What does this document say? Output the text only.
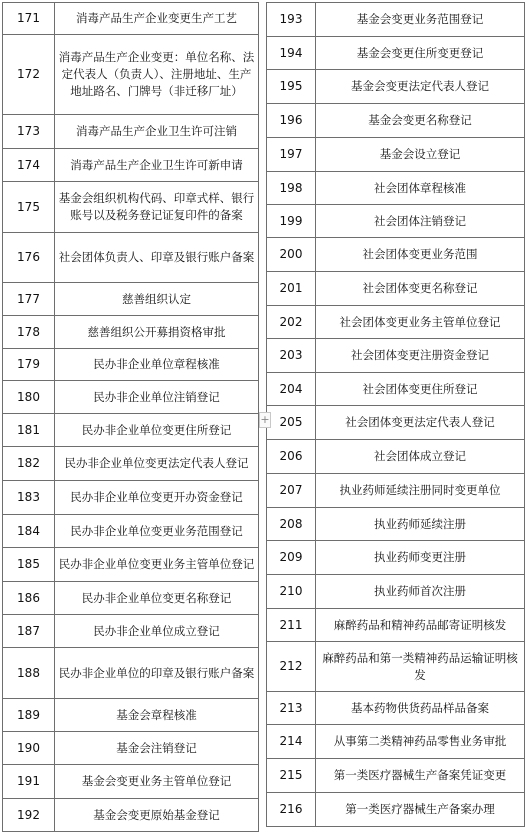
171	消毒产品生产企业变更生产工艺
172	消毒产品生产企业变更：单位名称、法定代表人（负责人）、注册地址、生产地址路名、门牌号（非迁移厂址）
173	消毒产品生产企业卫生许可注销
174	消毒产品生产企业卫生许可新申请
175	基金会组织机构代码、印章式样、银行账号以及税务登记证复印件的备案
176	社会团体负责人、印章及银行账户备案
177	慈善组织认定
178	慈善组织公开募捐资格审批
179	民办非企业单位章程核准
180	民办非企业单位注销登记
181	民办非企业单位变更住所登记
182	民办非企业单位变更法定代表人登记
183	民办非企业单位变更开办资金登记
184	民办非企业单位变更业务范围登记
185	民办非企业单位变更业务主管单位登记
186	民办非企业单位变更名称登记
187	民办非企业单位成立登记
188	民办非企业单位的印章及银行账户备案
189	基金会章程核准
190	基金会注销登记
191	基金会变更业务主管单位登记
192	基金会变更原始基金登记
193	基金会变更业务范围登记
194	基金会变更住所变更登记
195	基金会变更法定代表人登记
196	基金会变更名称登记
197	基金会设立登记
198	社会团体章程核准
199	社会团体注销登记
200	社会团体变更业务范围
201	社会团体变更名称登记
202	社会团体变更业务主管单位登记
203	社会团体变更注册资金登记
204	社会团体变更住所登记
205	社会团体变更法定代表人登记
206	社会团体成立登记
207	执业药师延续注册同时变更单位
208	执业药师延续注册
209	执业药师变更注册
210	执业药师首次注册
211	麻醉药品和精神药品邮寄证明核发
212	麻醉药品和第一类精神药品运输证明核发
213	基本药物供货药品样品备案
214	从事第二类精神药品零售业务审批
215	第一类医疗器械生产备案凭证变更
216	第一类医疗器械生产备案办理
+
